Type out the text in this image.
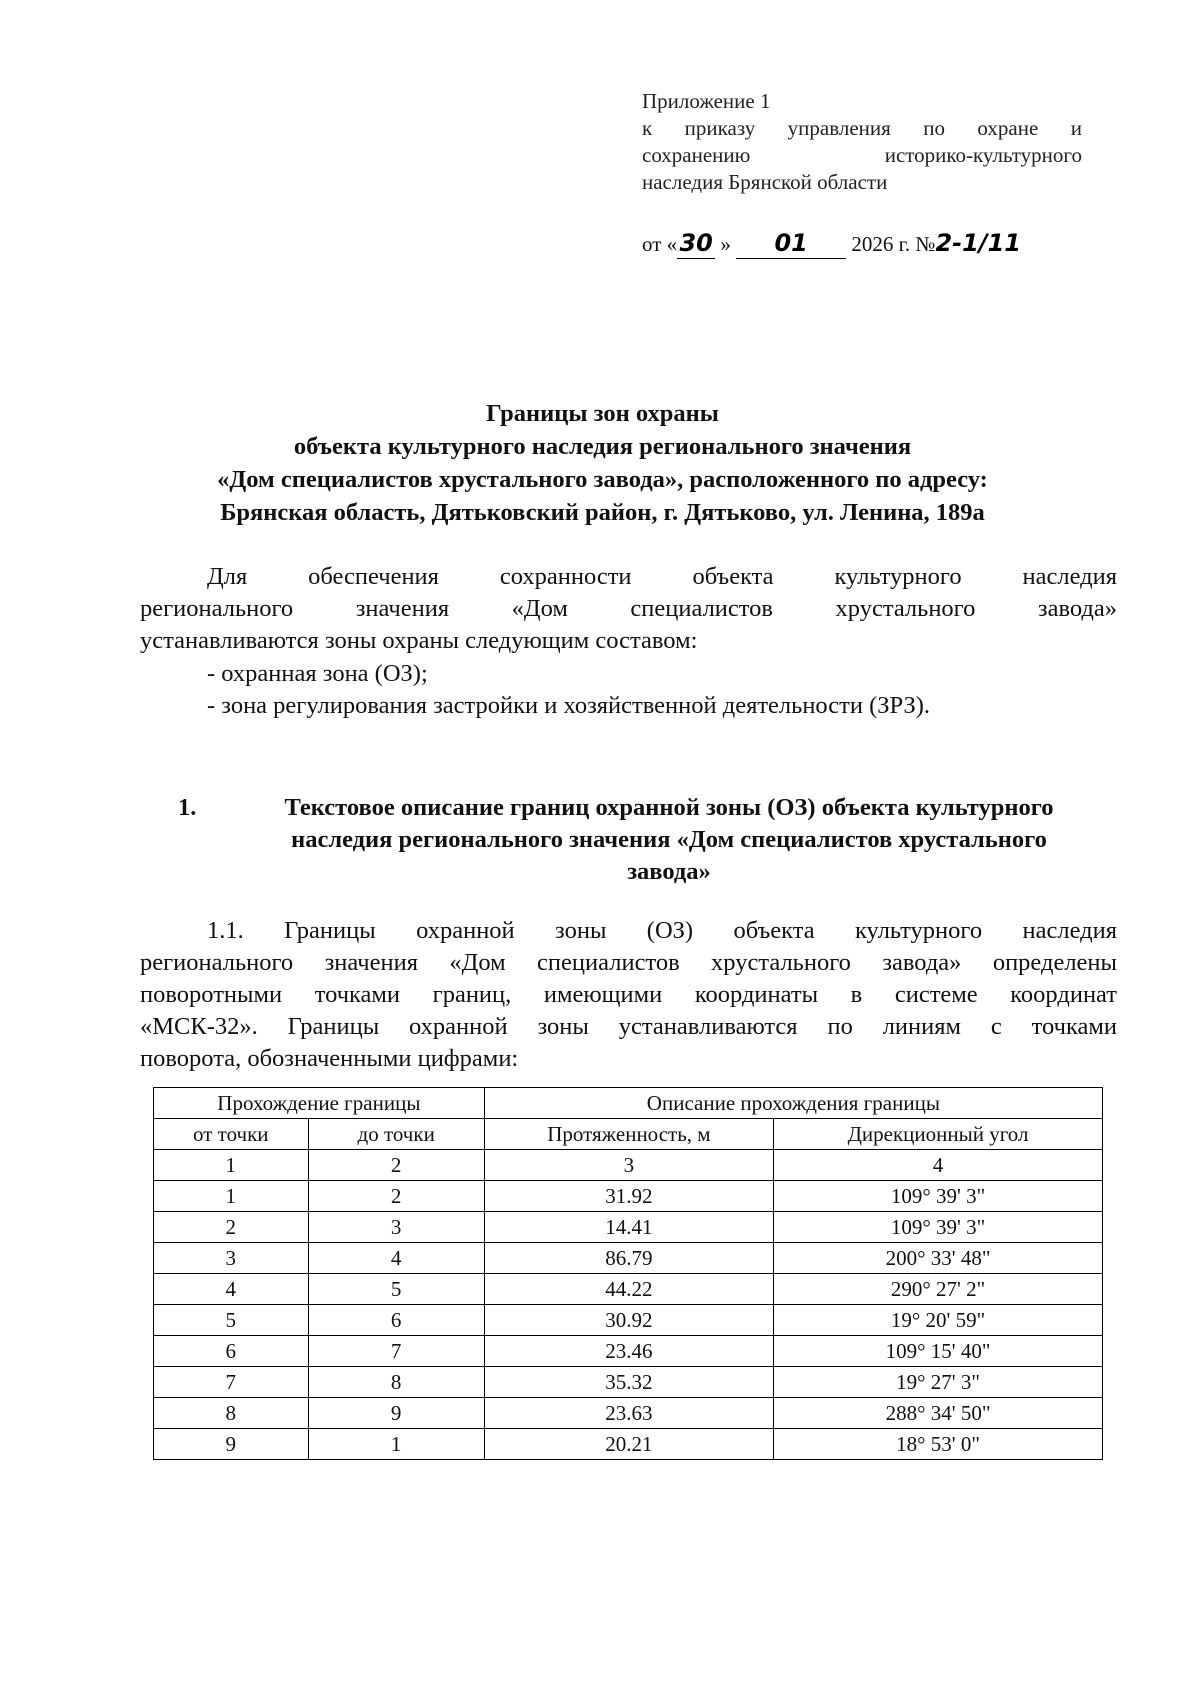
Приложение 1
к приказу управления по охране и
сохранению историко-культурного
наследия Брянской области
от «30 » 01 2026 г. №2-1/11
Границы зон охраны
объекта культурного наследия регионального значения
«Дом специалистов хрустального завода», расположенного по адресу:
Брянская область, Дятьковский район, г. Дятьково, ул. Ленина, 189а
Для обеспечения сохранности объекта культурного наследия
регионального значения «Дом специалистов хрустального завода»
устанавливаются зоны охраны следующим составом:
- охранная зона (ОЗ);
- зона регулирования застройки и хозяйственной деятельности (ЗРЗ).
1.	Текстовое описание границ охранной зоны (ОЗ) объекта культурного
наследия регионального значения «Дом специалистов хрустального
завода»
1.1. Границы охранной зоны (ОЗ) объекта культурного наследия
регионального значения «Дом специалистов хрустального завода» определены
поворотными точками границ, имеющими координаты в системе координат
«МСК-32». Границы охранной зоны устанавливаются по линиям с точками
поворота, обозначенными цифрами:
Прохождение границы		Описание прохождения границы	
от точки	до точки	Протяженность, м	Дирекционный угол
1	2	3	4
1	2	31.92	109° 39' 3"
2	3	14.41	109° 39' 3"
3	4	86.79	200° 33' 48"
4	5	44.22	290° 27' 2"
5	6	30.92	19° 20' 59"
6	7	23.46	109° 15' 40"
7	8	35.32	19° 27' 3"
8	9	23.63	288° 34' 50"
9	1	20.21	18° 53' 0"
